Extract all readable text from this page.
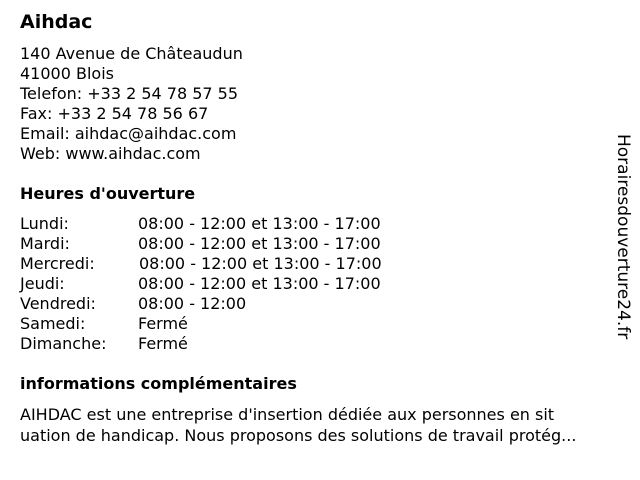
Aihdac
140 Avenue de Châteaudun
41000 Blois
Telefon: +33 2 54 78 57 55
Fax: +33 2 54 78 56 67
Email: aihdac@aihdac.com
Web: www.aihdac.com
Heures d'ouverture
Lundi:	08:00 - 12:00 et 13:00 - 17:00
Mardi:	08:00 - 12:00 et 13:00 - 17:00
Mercredi:	08:00 - 12:00 et 13:00 - 17:00
Jeudi:	08:00 - 12:00 et 13:00 - 17:00
Vendredi:	08:00 - 12:00
Samedi:	Fermé
Dimanche: Fermé
informations complémentaires
AIHDAC est une entreprise d'insertion dédiée aux personnes en sit
uation de handicap. Nous proposons des solutions de travail protég...
Horairesdouverture24.fr
